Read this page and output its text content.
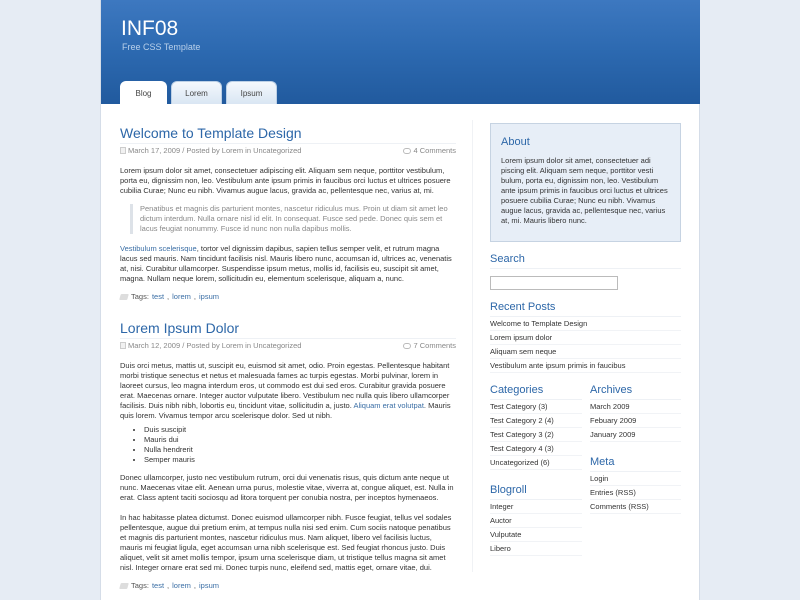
INF08
Free CSS Template
Blog	Lorem	Ipsum
Welcome to Template Design
March 17, 2009 / Posted by Lorem in Uncategorized	4 Comments

Lorem ipsum dolor sit amet, consectetuer adipiscing elit. Aliquam sem neque, porttitor vestibulum, porta eu, dignissim non, leo. Vestibulum ante ipsum primis in faucibus orci luctus et ultrices posuere cubilia Curae; Nunc eu nibh. Vivamus augue lacus, gravida ac, pellentesque nec, varius at, mi.

Penatibus et magnis dis parturient montes, nascetur ridiculus mus. Proin ut diam sit amet leo dictum interdum. Nulla ornare nisl id elit. In consequat. Fusce sed pede. Donec quis sem et lacus feugiat nonummy. Fusce id nunc non nulla dapibus mollis.

Vestibulum scelerisque, tortor vel dignissim dapibus, sapien tellus semper velit, et rutrum magna lacus sed mauris. Nam tincidunt facilisis nisl. Mauris libero nunc, accumsan id, ultrices ac, venenatis at, nisi. Curabitur ullamcorper. Suspendisse ipsum metus, mollis id, facilisis eu, suscipit sit amet, magna. Nullam neque lorem, sollicitudin eu, elementum scelerisque, aliquam a, nunc.

Tags: test , lorem , ipsum
Lorem Ipsum Dolor
March 12, 2009 / Posted by Lorem in Uncategorized	7 Comments

Duis orci metus, mattis ut, suscipit eu, euismod sit amet, odio. Proin egestas. Pellentesque habitant morbi tristique senectus et netus et malesuada fames ac turpis egestas. Morbi pulvinar, lorem in laoreet cursus, leo magna interdum eros, ut commodo est dui sed eros. Curabitur gravida posuere erat. Maecenas ornare. Integer auctor vulputate libero. Vestibulum nec nulla quis libero ullamcorper facilisis. Duis nibh nibh, lobortis eu, tincidunt vitae, sollicitudin a, justo. Aliquam erat volutpat. Mauris quis lorem. Vivamus tempor arcu scelerisque dolor. Sed ut nibh.

• Duis suscipit
• Mauris dui
• Nulla hendrerit
• Semper mauris

Donec ullamcorper, justo nec vestibulum rutrum, orci dui venenatis risus, quis dictum ante neque ut nunc. Maecenas vitae elit. Aenean urna purus, molestie vitae, viverra at, congue aliquet, est. Nulla in erat. Class aptent taciti sociosqu ad litora torquent per conubia nostra, per inceptos hymenaeos.

In hac habitasse platea dictumst. Donec euismod ullamcorper nibh. Fusce feugiat, tellus vel sodales pellentesque, augue dui pretium enim, at tempus nulla nisi sed enim. Cum sociis natoque penatibus et magnis dis parturient montes, nascetur ridiculus mus. Nam aliquet, libero vel facilisis luctus, mauris mi feugiat ligula, eget accumsan urna nibh scelerisque est. Sed feugiat rhoncus justo. Duis aliquet, velit sit amet mollis tempor, ipsum urna scelerisque diam, ut tristique tellus magna sit amet nisl. Integer ornare erat sed mi. Donec turpis nunc, eleifend sed, mattis eget, ornare vitae, dui.

Tags: test , lorem , ipsum
About

Lorem ipsum dolor sit amet, consectetuer adi piscing elit. Aliquam sem neque, porttitor vesti bulum, porta eu, dignissim non, leo. Vestibulum ante ipsum primis in faucibus orci luctus et ultrices posuere cubilia Curae; Nunc eu nibh. Vivamus augue lacus, gravida ac, pellentesque nec, varius at, mi. Mauris libero nunc.

Search
Recent Posts
Welcome to Template Design
Lorem ipsum dolor
Aliquam sem neque
Vestibulum ante ipsum primis in faucibus
Categories
Test Category (3)
Test Category 2 (4)
Test Category 3 (2)
Test Category 4 (3)
Uncategorized (6)
Blogroll
Integer
Auctor
Vulputate
Libero
Archives
March 2009
Febuary 2009
January 2009
Meta
Login
Entries (RSS)
Comments (RSS)
